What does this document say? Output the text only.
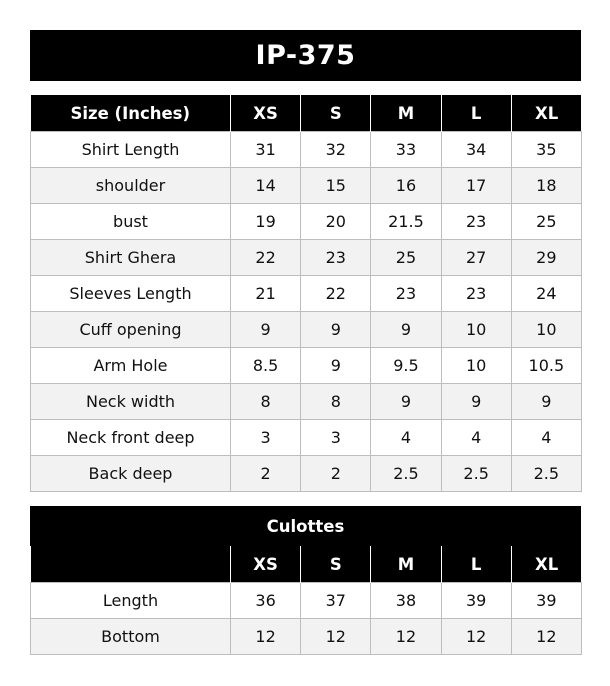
IP-375
Size (Inches)	XS	S	M	L	XL
Shirt Length	31	32	33	34	35
shoulder	14	15	16	17	18
bust	19	20	21.5	23	25
Shirt Ghera	22	23	25	27	29
Sleeves Length	21	22	23	23	24
Cuff opening	9	9	9	10	10
Arm Hole	8.5	9	9.5	10	10.5
Neck width	8	8	9	9	9
Neck front deep	3	3	4	4	4
Back deep	2	2	2.5	2.5	2.5
Culottes
	XS	S	M	L	XL
Length	36	37	38	39	39
Bottom	12	12	12	12	12
